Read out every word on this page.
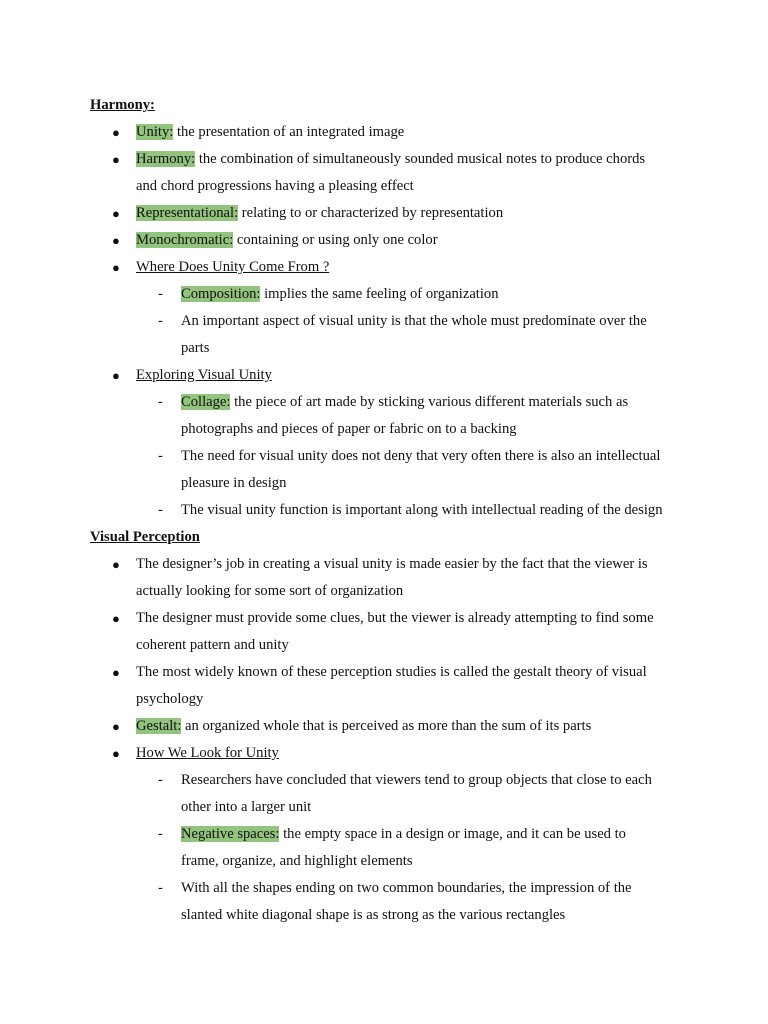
Harmony:
● Unity: the presentation of an integrated image
● Harmony: the combination of simultaneously sounded musical notes to produce chords
and chord progressions having a pleasing effect
● Representational: relating to or characterized by representation
● Monochromatic: containing or using only one color
● Where Does Unity Come From ?
- Composition: implies the same feeling of organization
- An important aspect of visual unity is that the whole must predominate over the
parts
● Exploring Visual Unity
- Collage: the piece of art made by sticking various different materials such as
photographs and pieces of paper or fabric on to a backing
- The need for visual unity does not deny that very often there is also an intellectual
pleasure in design
- The visual unity function is important along with intellectual reading of the design
Visual Perception
● The designer’s job in creating a visual unity is made easier by the fact that the viewer is
actually looking for some sort of organization
● The designer must provide some clues, but the viewer is already attempting to find some
coherent pattern and unity
● The most widely known of these perception studies is called the gestalt theory of visual
psychology
● Gestalt: an organized whole that is perceived as more than the sum of its parts
● How We Look for Unity
- Researchers have concluded that viewers tend to group objects that close to each
other into a larger unit
- Negative spaces: the empty space in a design or image, and it can be used to
frame, organize, and highlight elements
- With all the shapes ending on two common boundaries, the impression of the
slanted white diagonal shape is as strong as the various rectangles
